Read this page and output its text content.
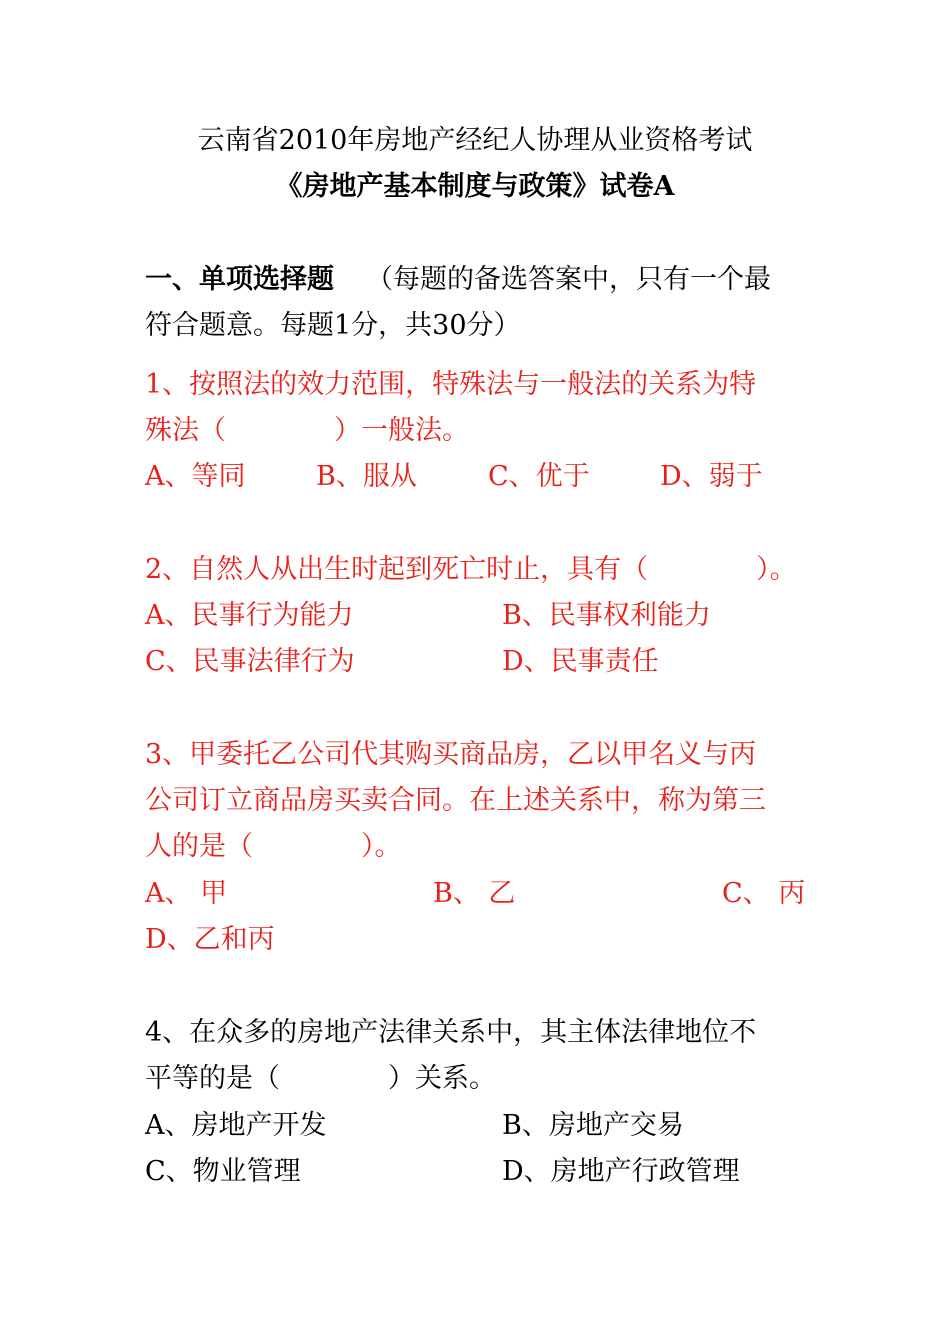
云南省2010年房地产经纪人协理从业资格考试
《房地产基本制度与政策》试卷A
一、单项选择题 （每题的备选答案中，只有一个最
符合题意。每题1分，共30分）
1、按照法的效力范围，特殊法与一般法的关系为特
殊法（　　　　）一般法。
A、等同	B、服从	C、优于	D、弱于
2、自然人从出生时起到死亡时止，具有（　　　　）。
A、民事行为能力	B、民事权利能力
C、民事法律行为	D、民事责任
3、甲委托乙公司代其购买商品房，乙以甲名义与丙
公司订立商品房买卖合同。在上述关系中，称为第三
人的是（　　　　）。
A、 甲	B、 乙	C、 丙
D、乙和丙
4、在众多的房地产法律关系中，其主体法律地位不
平等的是（　　　　）关系。
A、房地产开发	B、房地产交易
C、物业管理	D、房地产行政管理
